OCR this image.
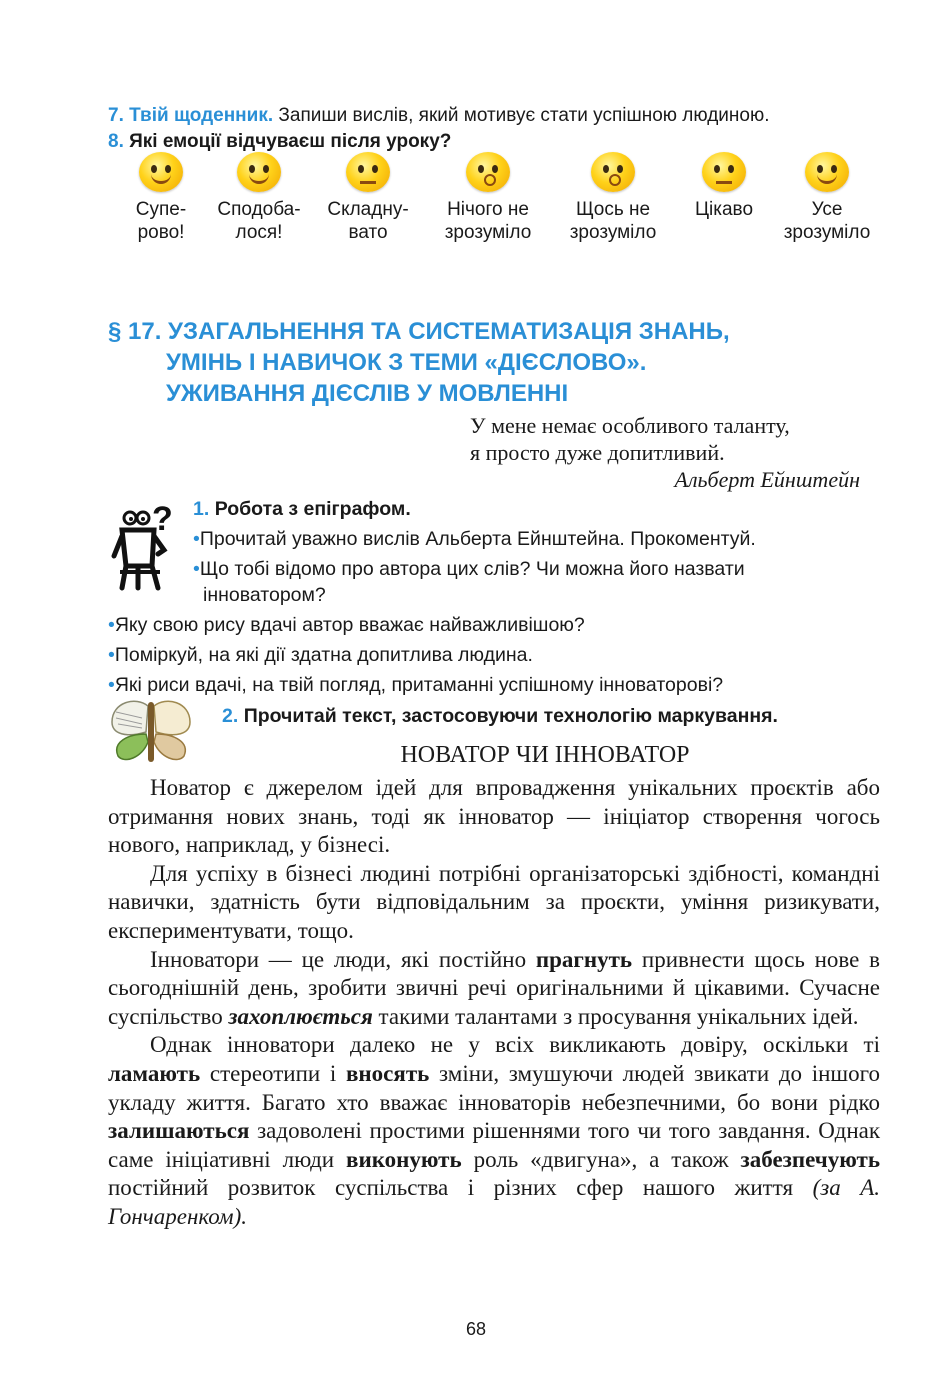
7. Твій щоденник. Запиши вислів, який мотивує стати успішною людиною.
8. Які емоції відчуваєш після уроку?
Супе-
рово!
Сподоба-
лося!
Складну-
вато
Нічого не
зрозуміло
Щось не
зрозуміло
Цікаво	Усе
зрозуміло
§ 17. УЗАГАЛЬНЕННЯ ТА СИСТЕМАТИЗАЦІЯ ЗНАНЬ,
УМІНЬ І НАВИЧОК З ТЕМИ «ДІЄСЛОВО».
УЖИВАННЯ ДІЄСЛІВ У МОВЛЕННІ
У мене немає особливого таланту,
я просто дуже допитливий.
Альберт Ейнштейн
? 1. Робота з епіграфом.
•Прочитай уважно вислів Альберта Ейнштейна. Прокоментуй.
•Що тобі відомо про автора цих слів? Чи можна його назвати
інноватором?
•Яку свою рису вдачі автор вважає найважливішою?
•Поміркуй, на які дії здатна допитлива людина.
•Які риси вдачі, на твій погляд, притаманні успішному інноваторові?
2. Прочитай текст, застосовуючи технологію маркування.
НОВАТОР ЧИ ІННОВАТОР

Новатор є джерелом ідей для впровадження унікальних проєктів або отримання нових знань, тоді як інноватор — ініціатор створення чогось нового, наприклад, у бізнесі.

Для успіху в бізнесі людині потрібні організаторські здібності, командні навички, здатність бути відповідальним за проєкти, уміння ризикувати, експериментувати, тощо.

Інноватори — це люди, які постійно прагнуть привнести щось нове в сьогоднішній день, зробити звичні речі оригінальними й цікавими. Сучасне суспільство захоплюється такими талантами з просування унікальних ідей.

Однак інноватори далеко не у всіх викликають довіру, оскільки ті ламають стереотипи і вносять зміни, змушуючи людей звикати до іншого укладу життя. Багато хто вважає інноваторів небезпечними, бо вони рідко залишаються задоволені простими рішеннями того чи того завдання. Однак саме ініціативні люди виконують роль «двигуна», а також забезпечують постійний розвиток суспільства і різних сфер нашого життя (за А. Гончаренком).

68
